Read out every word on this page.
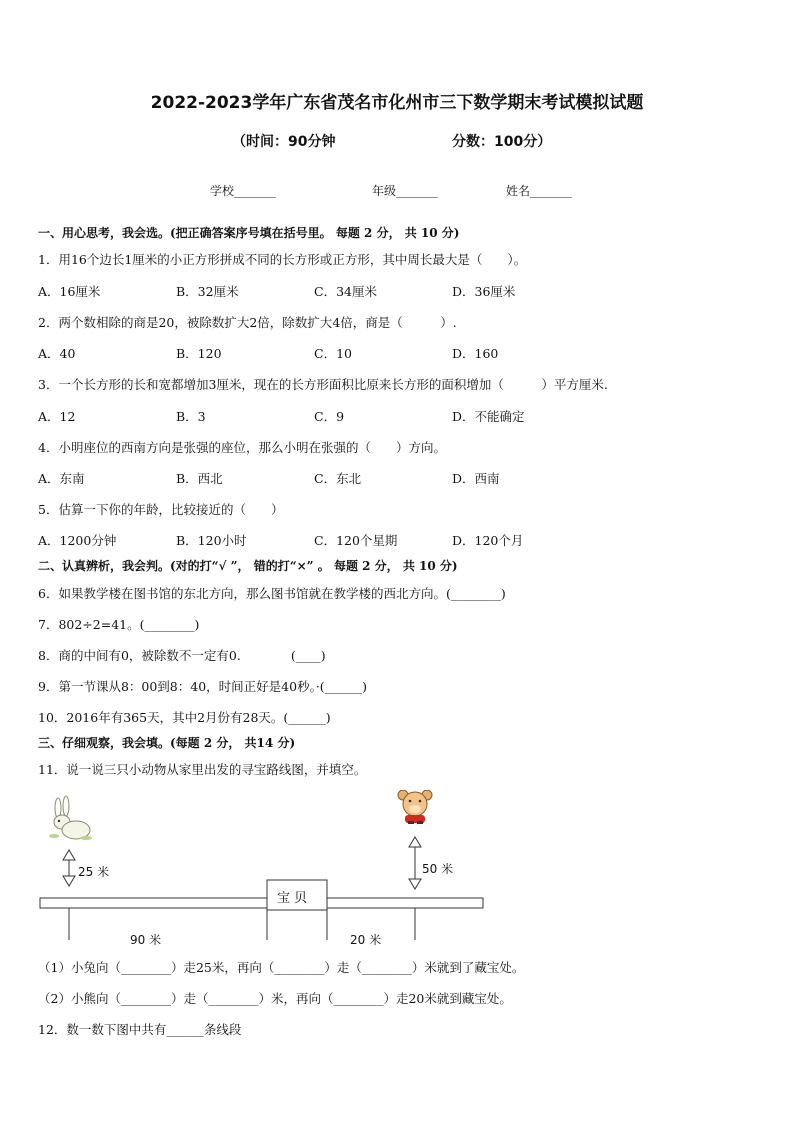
2022-2023学年广东省茂名市化州市三下数学期末考试模拟试题
（时间：90分钟	分数：100分）
学校_______	年级_______	姓名_______
一、用心思考，我会选。(把正确答案序号填在括号里。 每题 2 分， 共 10 分)
1．用16个边长1厘米的小正方形拼成不同的长方形或正方形，其中周长最大是（　　）。
A．16厘米	B．32厘米	C．34厘米	D．36厘米
2．两个数相除的商是20，被除数扩大2倍，除数扩大4倍，商是（　　　）.
A．40	B．120	C．10	D．160
3．一个长方形的长和宽都增加3厘米，现在的长方形面积比原来长方形的面积增加（　　　）平方厘米.
A．12	B．3	C．9	D．不能确定
4．小明座位的西南方向是张强的座位，那么小明在张强的（　　）方向。
A．东南	B．西北	C．东北	D．西南
5．估算一下你的年龄，比较接近的（　　）
A．1200分钟	B．120小时	C．120个星期	D．120个月
二、认真辨析，我会判。(对的打“√ ”， 错的打“×” 。 每题 2 分， 共 10 分)
6．如果教学楼在图书馆的东北方向，那么图书馆就在教学楼的西北方向。(________)
7．802÷2=41。(________)
8．商的中间有0，被除数不一定有0.　　　　(____)
9．第一节课从8：00到8：40，时间正好是40秒。·(______)
10．2016年有365天，其中2月份有28天。(______)
三、仔细观察，我会填。(每题 2 分， 共14 分)
11．说一说三只小动物从家里出发的寻宝路线图，并填空。
25 米	50 米
宝 贝
90 米	20 米
（1）小兔向（________）走25米，再向（________）走（________）米就到了藏宝处。
（2）小熊向（________）走（________）米，再向（________）走20米就到藏宝处。
12．数一数下图中共有______条线段
